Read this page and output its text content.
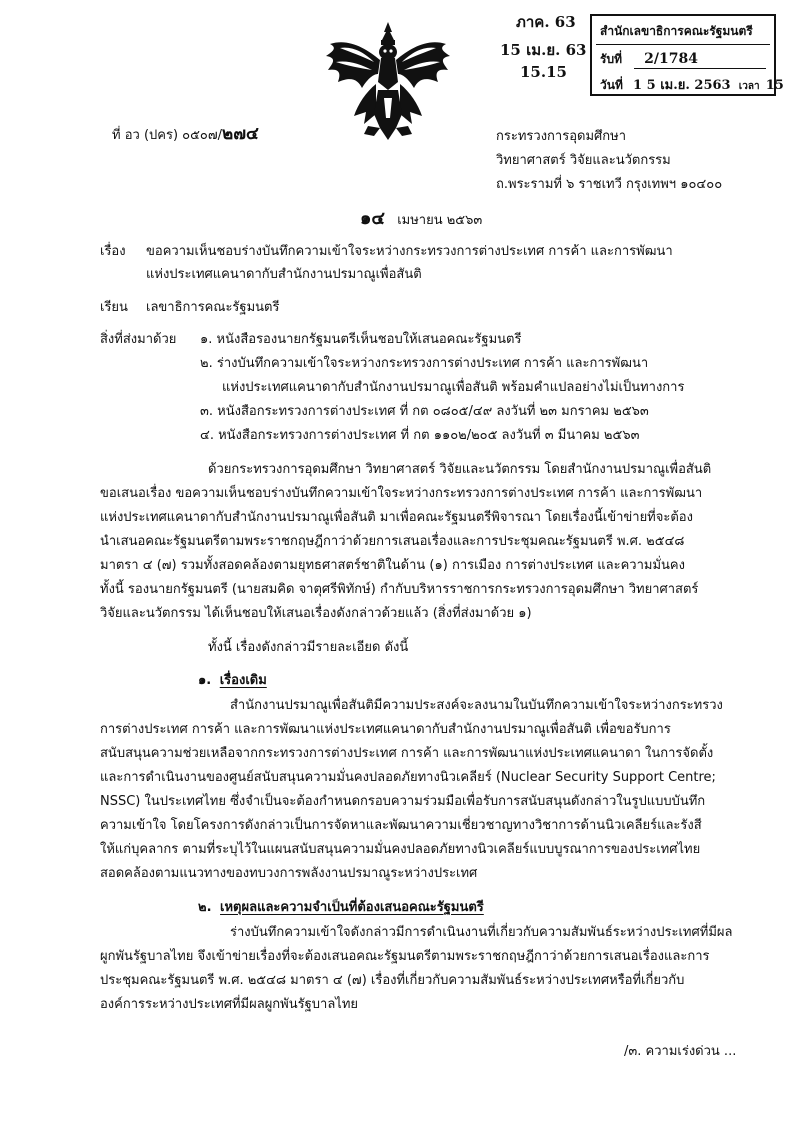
ภาค. 63
15 เม.ย. 63
15.15
สำนักเลขาธิการคณะรัฐมนตรี
รับที่ 2/1784
วันที่ 1 5 เม.ย. 2563 เวลา 15
ที่ อว (ปคร) ๐๕๐๗/๒๗๔	กระทรวงการอุดมศึกษา
วิทยาศาสตร์ วิจัยและนวัตกรรม
ถ.พระรามที่ ๖ ราชเทวี กรุงเทพฯ ๑๐๔๐๐
๑๔ เมษายน ๒๕๖๓
เรื่อง ขอความเห็นชอบร่างบันทึกความเข้าใจระหว่างกระทรวงการต่างประเทศ การค้า และการพัฒนา
แห่งประเทศแคนาดากับสำนักงานปรมาณูเพื่อสันติ
เรียน เลขาธิการคณะรัฐมนตรี
สิ่งที่ส่งมาด้วย ๑. หนังสือรองนายกรัฐมนตรีเห็นชอบให้เสนอคณะรัฐมนตรี
๒. ร่างบันทึกความเข้าใจระหว่างกระทรวงการต่างประเทศ การค้า และการพัฒนา
แห่งประเทศแคนาดากับสำนักงานปรมาณูเพื่อสันติ พร้อมคำแปลอย่างไม่เป็นทางการ
๓. หนังสือกระทรวงการต่างประเทศ ที่ กต ๐๘๐๕/๔๙ ลงวันที่ ๒๓ มกราคม ๒๕๖๓
๔. หนังสือกระทรวงการต่างประเทศ ที่ กต ๑๑๐๒/๒๐๕ ลงวันที่ ๓ มีนาคม ๒๕๖๓
ด้วยกระทรวงการอุดมศึกษา วิทยาศาสตร์ วิจัยและนวัตกรรม โดยสำนักงานปรมาณูเพื่อสันติ
ขอเสนอเรื่อง ขอความเห็นชอบร่างบันทึกความเข้าใจระหว่างกระทรวงการต่างประเทศ การค้า และการพัฒนา
แห่งประเทศแคนาดากับสำนักงานปรมาณูเพื่อสันติ มาเพื่อคณะรัฐมนตรีพิจารณา โดยเรื่องนี้เข้าข่ายที่จะต้อง
นำเสนอคณะรัฐมนตรีตามพระราชกฤษฎีกาว่าด้วยการเสนอเรื่องและการประชุมคณะรัฐมนตรี พ.ศ. ๒๕๔๘
มาตรา ๔ (๗) รวมทั้งสอดคล้องตามยุทธศาสตร์ชาติในด้าน (๑) การเมือง การต่างประเทศ และความมั่นคง
ทั้งนี้ รองนายกรัฐมนตรี (นายสมคิด จาตุศรีพิทักษ์) กำกับบริหารราชการกระทรวงการอุดมศึกษา วิทยาศาสตร์
วิจัยและนวัตกรรม ได้เห็นชอบให้เสนอเรื่องดังกล่าวด้วยแล้ว (สิ่งที่ส่งมาด้วย ๑)
ทั้งนี้ เรื่องดังกล่าวมีรายละเอียด ดังนี้
๑. เรื่องเดิม
สำนักงานปรมาณูเพื่อสันติมีความประสงค์จะลงนามในบันทึกความเข้าใจระหว่างกระทรวง
การต่างประเทศ การค้า และการพัฒนาแห่งประเทศแคนาดากับสำนักงานปรมาณูเพื่อสันติ เพื่อขอรับการ
สนับสนุนความช่วยเหลือจากกระทรวงการต่างประเทศ การค้า และการพัฒนาแห่งประเทศแคนาดา ในการจัดตั้ง
และการดำเนินงานของศูนย์สนับสนุนความมั่นคงปลอดภัยทางนิวเคลียร์ (Nuclear Security Support Centre;
NSSC) ในประเทศไทย ซึ่งจำเป็นจะต้องกำหนดกรอบความร่วมมือเพื่อรับการสนับสนุนดังกล่าวในรูปแบบบันทึก
ความเข้าใจ โดยโครงการดังกล่าวเป็นการจัดหาและพัฒนาความเชี่ยวชาญทางวิชาการด้านนิวเคลียร์และรังสี
ให้แก่บุคลากร ตามที่ระบุไว้ในแผนสนับสนุนความมั่นคงปลอดภัยทางนิวเคลียร์แบบบูรณาการของประเทศไทย
สอดคล้องตามแนวทางของทบวงการพลังงานปรมาณูระหว่างประเทศ
๒. เหตุผลและความจำเป็นที่ต้องเสนอคณะรัฐมนตรี
ร่างบันทึกความเข้าใจดังกล่าวมีการดำเนินงานที่เกี่ยวกับความสัมพันธ์ระหว่างประเทศที่มีผล
ผูกพันรัฐบาลไทย จึงเข้าข่ายเรื่องที่จะต้องเสนอคณะรัฐมนตรีตามพระราชกฤษฎีกาว่าด้วยการเสนอเรื่องและการ
ประชุมคณะรัฐมนตรี พ.ศ. ๒๕๔๘ มาตรา ๔ (๗) เรื่องที่เกี่ยวกับความสัมพันธ์ระหว่างประเทศหรือที่เกี่ยวกับ
องค์การระหว่างประเทศที่มีผลผูกพันรัฐบาลไทย
/๓. ความเร่งด่วน ...
